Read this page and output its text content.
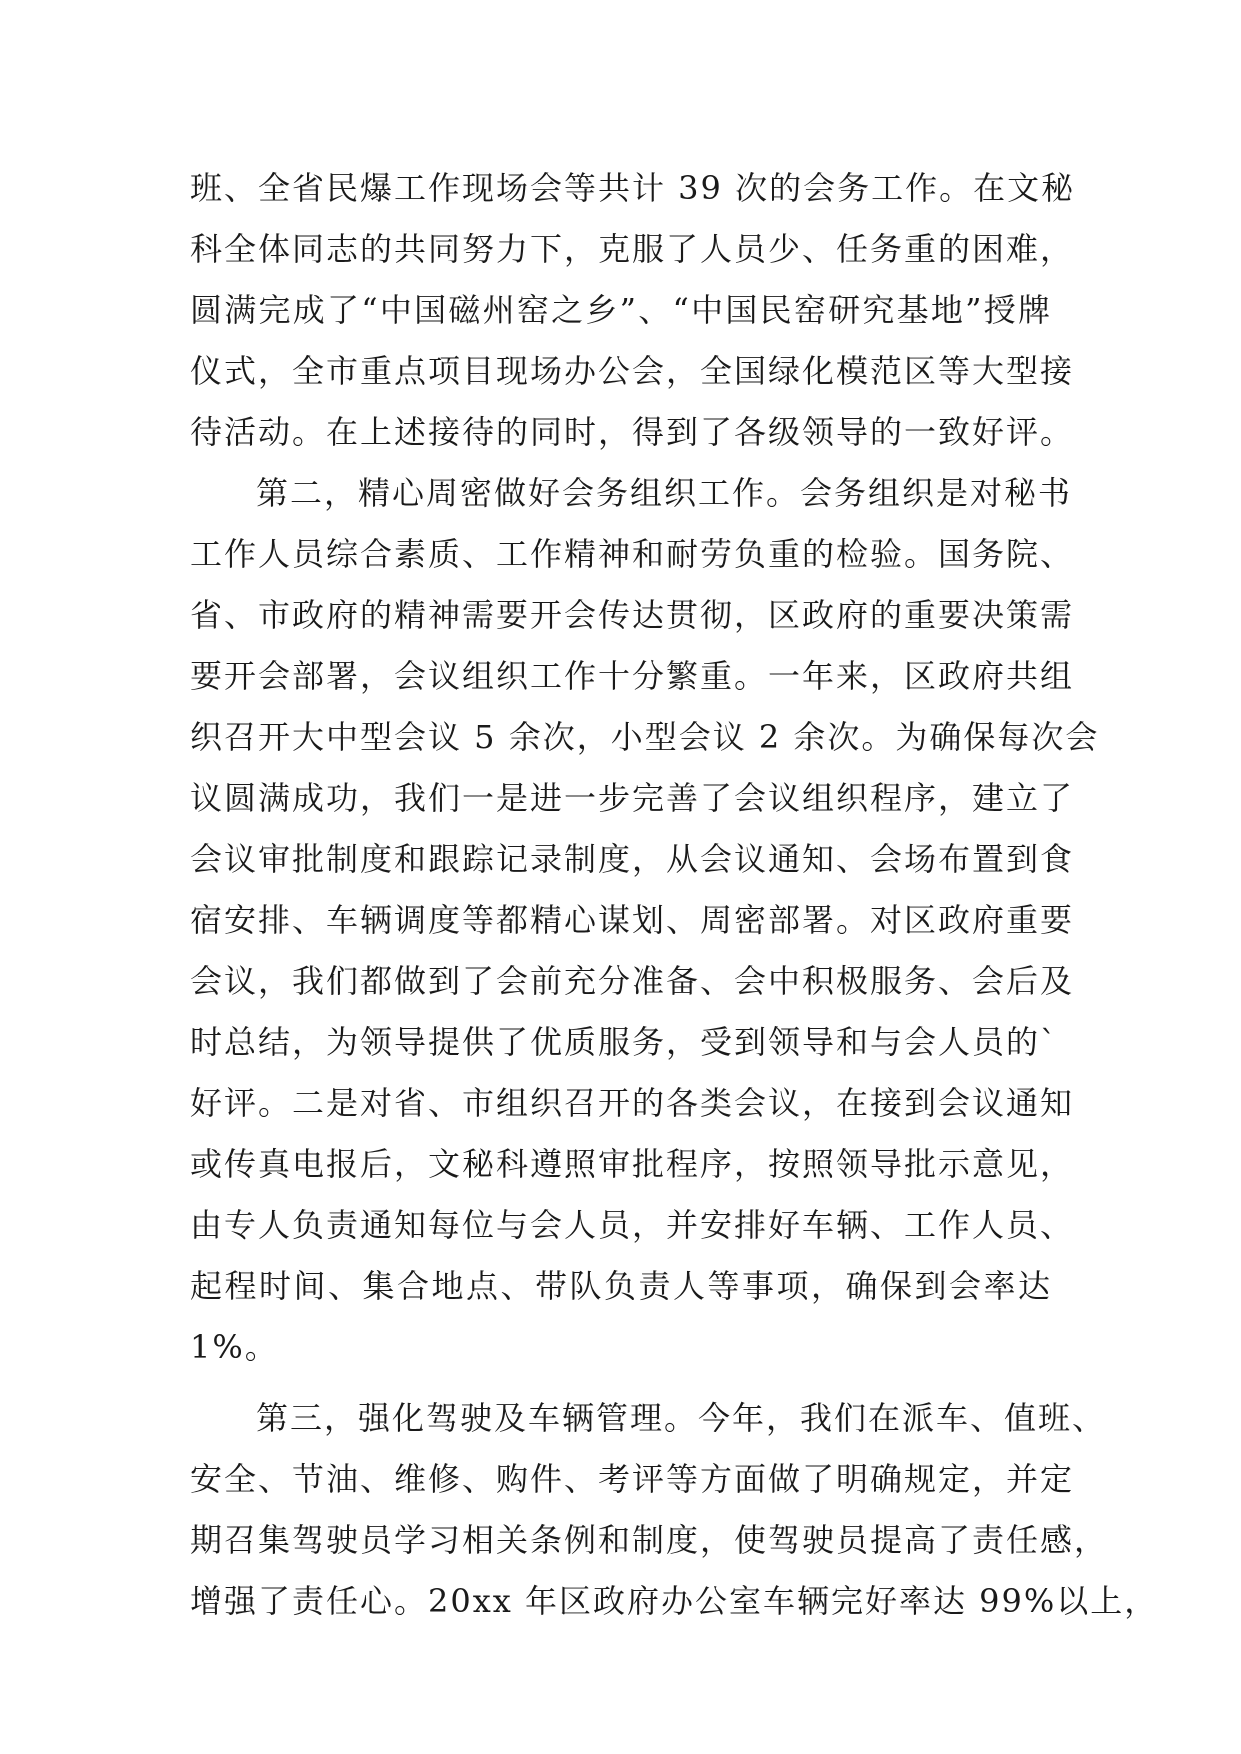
班、全省民爆工作现场会等共计 39 次的会务工作。在文秘
科全体同志的共同努力下，克服了人员少、任务重的困难，
圆满完成了“中国磁州窑之乡”、“中国民窑研究基地”授牌
仪式，全市重点项目现场办公会，全国绿化模范区等大型接
待活动。在上述接待的同时，得到了各级领导的一致好评。
第二，精心周密做好会务组织工作。会务组织是对秘书
工作人员综合素质、工作精神和耐劳负重的检验。国务院、
省、市政府的精神需要开会传达贯彻，区政府的重要决策需
要开会部署，会议组织工作十分繁重。一年来，区政府共组
织召开大中型会议 5 余次，小型会议 2 余次。为确保每次会
议圆满成功，我们一是进一步完善了会议组织程序，建立了
会议审批制度和跟踪记录制度，从会议通知、会场布置到食
宿安排、车辆调度等都精心谋划、周密部署。对区政府重要
会议，我们都做到了会前充分准备、会中积极服务、会后及
时总结，为领导提供了优质服务，受到领导和与会人员的`
好评。二是对省、市组织召开的各类会议，在接到会议通知
或传真电报后，文秘科遵照审批程序，按照领导批示意见，
由专人负责通知每位与会人员，并安排好车辆、工作人员、
起程时间、集合地点、带队负责人等事项，确保到会率达
1%。
第三，强化驾驶及车辆管理。今年，我们在派车、值班、
安全、节油、维修、购件、考评等方面做了明确规定，并定
期召集驾驶员学习相关条例和制度，使驾驶员提高了责任感，
增强了责任心。20xx 年区政府办公室车辆完好率达 99%以上，
